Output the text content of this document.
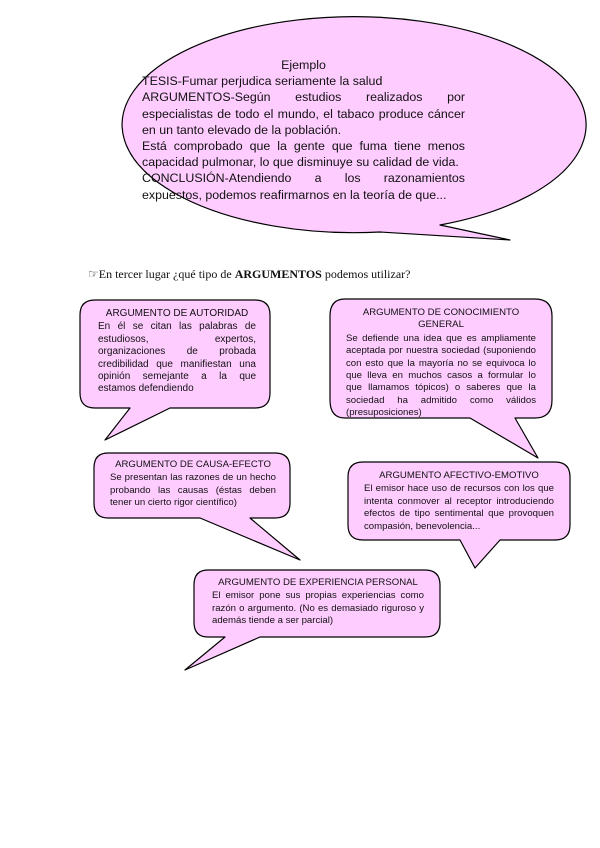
Ejemplo
TESIS-Fumar perjudica seriamente la salud
ARGUMENTOS-Según estudios realizados por especialistas de todo el mundo, el tabaco produce cáncer en un tanto elevado de la población.
Está comprobado que la gente que fuma tiene menos capacidad pulmonar, lo que disminuye su calidad de vida.
CONCLUSIÓN-Atendiendo a los razonamientos expuestos, podemos reafirmarnos en la teoría de que...
☞En tercer lugar ¿qué tipo de ARGUMENTOS podemos utilizar?
ARGUMENTO DE AUTORIDAD
En él se citan las palabras de estudiosos, expertos, organizaciones de probada credibilidad que manifiestan una opinión semejante a la que estamos defendiendo
ARGUMENTO DE CONOCIMIENTO GENERAL
Se defiende una idea que es ampliamente aceptada por nuestra sociedad (suponiendo con esto que la mayoría no se equivoca lo que lleva en muchos casos a formular lo que llamamos tópicos) o saberes que la sociedad ha admitido como válidos (presuposiciones)
ARGUMENTO DE CAUSA-EFECTO
Se presentan las razones de un hecho probando las causas (éstas deben tener un cierto rigor científico)
ARGUMENTO AFECTIVO-EMOTIVO
El emisor hace uso de recursos con los que intenta conmover al receptor introduciendo efectos de tipo sentimental que provoquen compasión, benevolencia...
ARGUMENTO DE EXPERIENCIA PERSONAL
El emisor pone sus propias experiencias como razón o argumento. (No es demasiado riguroso y además tiende a ser parcial)
